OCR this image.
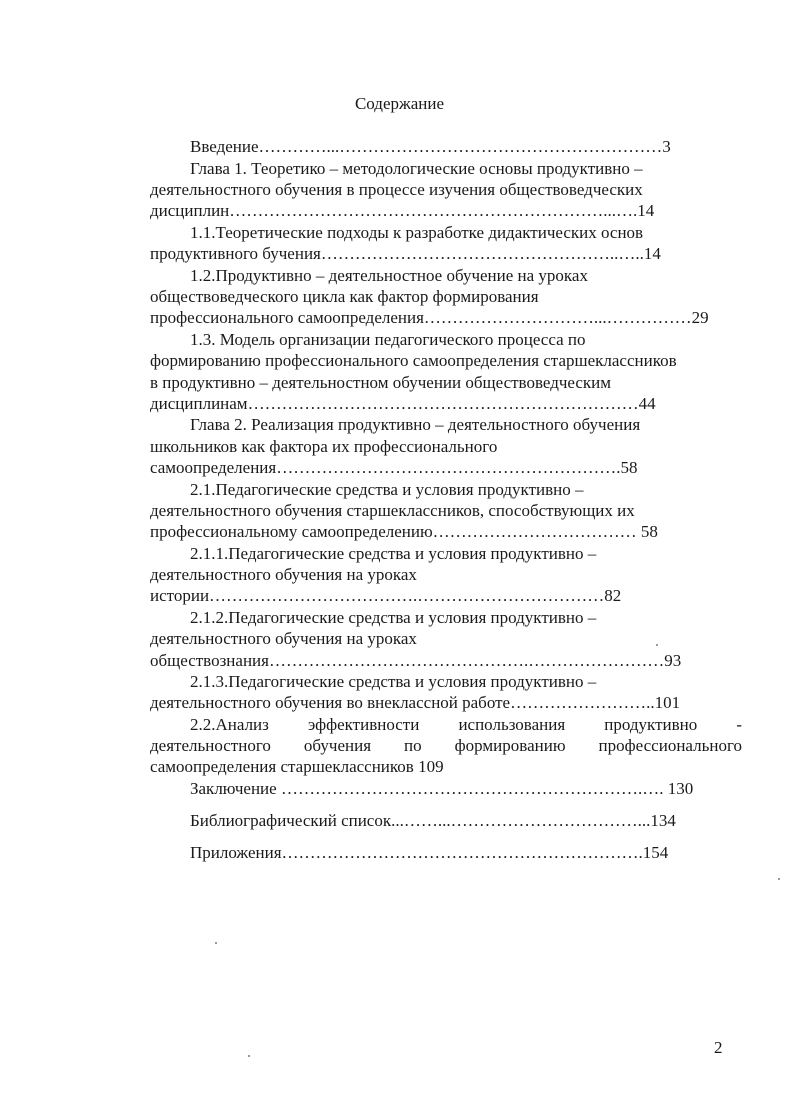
Содержание
Введение…………...…………………………………………………3
Глава 1. Теоретико – методологические основы продуктивно –
деятельностного обучения в процессе изучения обществоведческих
дисциплин…………………………………………………………...….14
1.1.Теоретические подходы к разработке дидактических основ
продуктивного бучения……………………………………………..…..14
1.2.Продуктивно – деятельностное обучение на уроках
обществоведческого цикла как фактор формирования
профессионального самоопределения…………………………...……………29
1.3. Модель организации педагогического процесса по
формированию профессионального самоопределения старшеклассников
в продуктивно – деятельностном обучении обществоведческим
дисциплинам……………………………………………………………44
Глава 2. Реализация продуктивно – деятельностного обучения
школьников как фактора их профессионального
самоопределения…………………………………………………….58
2.1.Педагогические средства и условия продуктивно –
деятельностного обучения старшеклассников, способствующих их
профессиональному самоопределению……………………………… 58
2.1.1.Педагогические средства и условия продуктивно –
деятельностного обучения на уроках
истории……………………………….……………………………82
2.1.2.Педагогические средства и условия продуктивно –
деятельностного обучения на уроках
обществознания……………………………………….……………………93
2.1.3.Педагогические средства и условия продуктивно –
деятельностного обучения во внеклассной работе……………………..101
2.2.Анализ эффективности использования продуктивно -
деятельностного обучения по формированию профессионального
самоопределения старшеклассников 109
Заключение ……………………………………………………….…. 130
Библиографический список...……...……………………………...134
Приложения……………………………………………………….154
2
